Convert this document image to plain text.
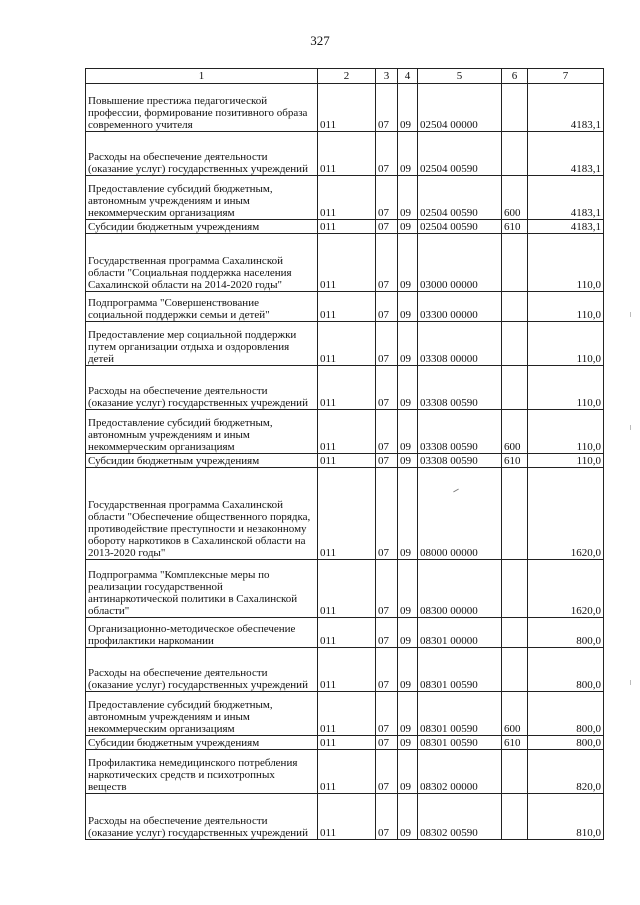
327
1	2	3	4	5	6	7
Повышение престижа педагогической профессии, формирование позитивного образа современного учителя	011	07	09	02504 00000		4183,1
Расходы на обеспечение деятельности (оказание услуг) государственных учреждений	011	07	09	02504 00590		4183,1
Предоставление субсидий бюджетным, автономным учреждениям и иным некоммерческим организациям	011	07	09	02504 00590	600	4183,1
Субсидии бюджетным учреждениям	011	07	09	02504 00590	610	4183,1
Государственная программа Сахалинской области "Социальная поддержка населения Сахалинской области на 2014-2020 годы"	011	07	09	03000 00000		110,0
Подпрограмма "Совершенствование социальной поддержки семьи и детей"	011	07	09	03300 00000		110,0
Предоставление мер социальной поддержки путем организации отдыха и оздоровления детей	011	07	09	03308 00000		110,0
Расходы на обеспечение деятельности (оказание услуг) государственных учреждений	011	07	09	03308 00590		110,0
Предоставление субсидий бюджетным, автономным учреждениям и иным некоммерческим организациям	011	07	09	03308 00590	600	110,0
Субсидии бюджетным учреждениям	011	07	09	03308 00590	610	110,0
Государственная программа Сахалинской области "Обеспечение общественного порядка, противодействие преступности и незаконному обороту наркотиков в Сахалинской области на 2013-2020 годы"	011	07	09	08000 00000		1620,0
Подпрограмма "Комплексные меры по реализации государственной антинаркотической политики в Сахалинской области"	011	07	09	08300 00000		1620,0
Организационно-методическое обеспечение профилактики наркомании	011	07	09	08301 00000		800,0
Расходы на обеспечение деятельности (оказание услуг) государственных учреждений	011	07	09	08301 00590		800,0
Предоставление субсидий бюджетным, автономным учреждениям и иным некоммерческим организациям	011	07	09	08301 00590	600	800,0
Субсидии бюджетным учреждениям	011	07	09	08301 00590	610	800,0
Профилактика немедицинского потребления наркотических средств и психотропных веществ	011	07	09	08302 00000		820,0
Расходы на обеспечение деятельности (оказание услуг) государственных учреждений	011	07	09	08302 00590		810,0
